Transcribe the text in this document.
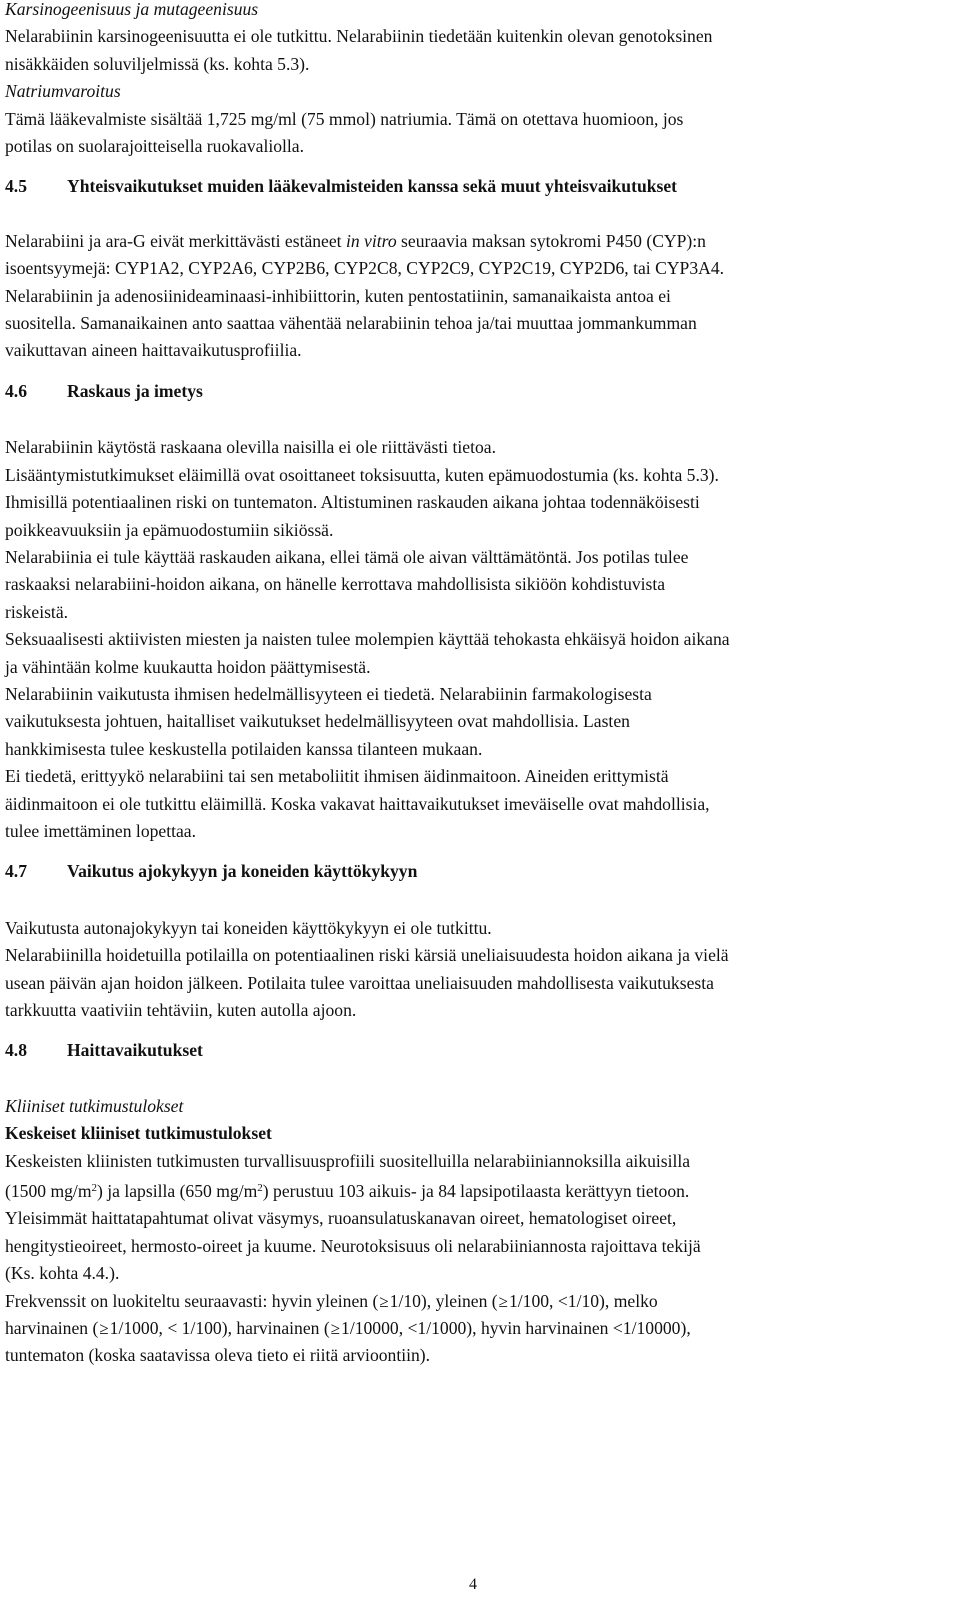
Karsinogeenisuus ja mutageenisuus
Nelarabiinin karsinogeenisuutta ei ole tutkittu. Nelarabiinin tiedetään kuitenkin olevan genotoksinen
nisäkkäiden soluviljelmissä (ks. kohta 5.3).
Natriumvaroitus
Tämä lääkevalmiste sisältää 1,725 mg/ml (75 mmol) natriumia. Tämä on otettava huomioon, jos
potilas on suolarajoitteisella ruokavaliolla.
4.5	Yhteisvaikutukset muiden lääkevalmisteiden kanssa sekä muut yhteisvaikutukset
Nelarabiini ja ara-G eivät merkittävästi estäneet in vitro seuraavia maksan sytokromi P450 (CYP):n
isoentsyymejä: CYP1A2, CYP2A6, CYP2B6, CYP2C8, CYP2C9, CYP2C19, CYP2D6, tai CYP3A4.
Nelarabiinin ja adenosiinideaminaasi-inhibiittorin, kuten pentostatiinin, samanaikaista antoa ei
suositella. Samanaikainen anto saattaa vähentää nelarabiinin tehoa ja/tai muuttaa jommankumman
vaikuttavan aineen haittavaikutusprofiilia.
4.6	Raskaus ja imetys
Nelarabiinin käytöstä raskaana olevilla naisilla ei ole riittävästi tietoa.
Lisääntymistutkimukset eläimillä ovat osoittaneet toksisuutta, kuten epämuodostumia (ks. kohta 5.3).
Ihmisillä potentiaalinen riski on tuntematon. Altistuminen raskauden aikana johtaa todennäköisesti
poikkeavuuksiin ja epämuodostumiin sikiössä.
Nelarabiinia ei tule käyttää raskauden aikana, ellei tämä ole aivan välttämätöntä. Jos potilas tulee
raskaaksi nelarabiini-hoidon aikana, on hänelle kerrottava mahdollisista sikiöön kohdistuvista
riskeistä.
Seksuaalisesti aktiivisten miesten ja naisten tulee molempien käyttää tehokasta ehkäisyä hoidon aikana
ja vähintään kolme kuukautta hoidon päättymisestä.
Nelarabiinin vaikutusta ihmisen hedelmällisyyteen ei tiedetä. Nelarabiinin farmakologisesta
vaikutuksesta johtuen, haitalliset vaikutukset hedelmällisyyteen ovat mahdollisia. Lasten
hankkimisesta tulee keskustella potilaiden kanssa tilanteen mukaan.
Ei tiedetä, erittyykö nelarabiini tai sen metaboliitit ihmisen äidinmaitoon. Aineiden erittymistä
äidinmaitoon ei ole tutkittu eläimillä. Koska vakavat haittavaikutukset imeväiselle ovat mahdollisia,
tulee imettäminen lopettaa.
4.7	Vaikutus ajokykyyn ja koneiden käyttökykyyn
Vaikutusta autonajokykyyn tai koneiden käyttökykyyn ei ole tutkittu.
Nelarabiinilla hoidetuilla potilailla on potentiaalinen riski kärsiä uneliaisuudesta hoidon aikana ja vielä
usean päivän ajan hoidon jälkeen. Potilaita tulee varoittaa uneliaisuuden mahdollisesta vaikutuksesta
tarkkuutta vaativiin tehtäviin, kuten autolla ajoon.
4.8	Haittavaikutukset
Kliiniset tutkimustulokset
Keskeiset kliiniset tutkimustulokset
Keskeisten kliinisten tutkimusten turvallisuusprofiili suositelluilla nelarabiiniannoksilla aikuisilla
(1500 $mg/m^2$) ja lapsilla (650 $mg/m^2$) perustuu 103 aikuis- ja 84 lapsipotilaasta kerättyyn tietoon.
Yleisimmät haittatapahtumat olivat väsymys, ruoansulatuskanavan oireet, hematologiset oireet,
hengitystieoireet, hermosto-oireet ja kuume. Neurotoksisuus oli nelarabiiniannosta rajoittava tekijä
(Ks. kohta 4.4.).
Frekvenssit on luokiteltu seuraavasti: hyvin yleinen (≥1/10), yleinen (≥1/100, <1/10), melko
harvinainen (≥1/1000, < 1/100), harvinainen (≥1/10000, <1/1000), hyvin harvinainen <1/10000),
tuntematon (koska saatavissa oleva tieto ei riitä arvioontiin).
4
